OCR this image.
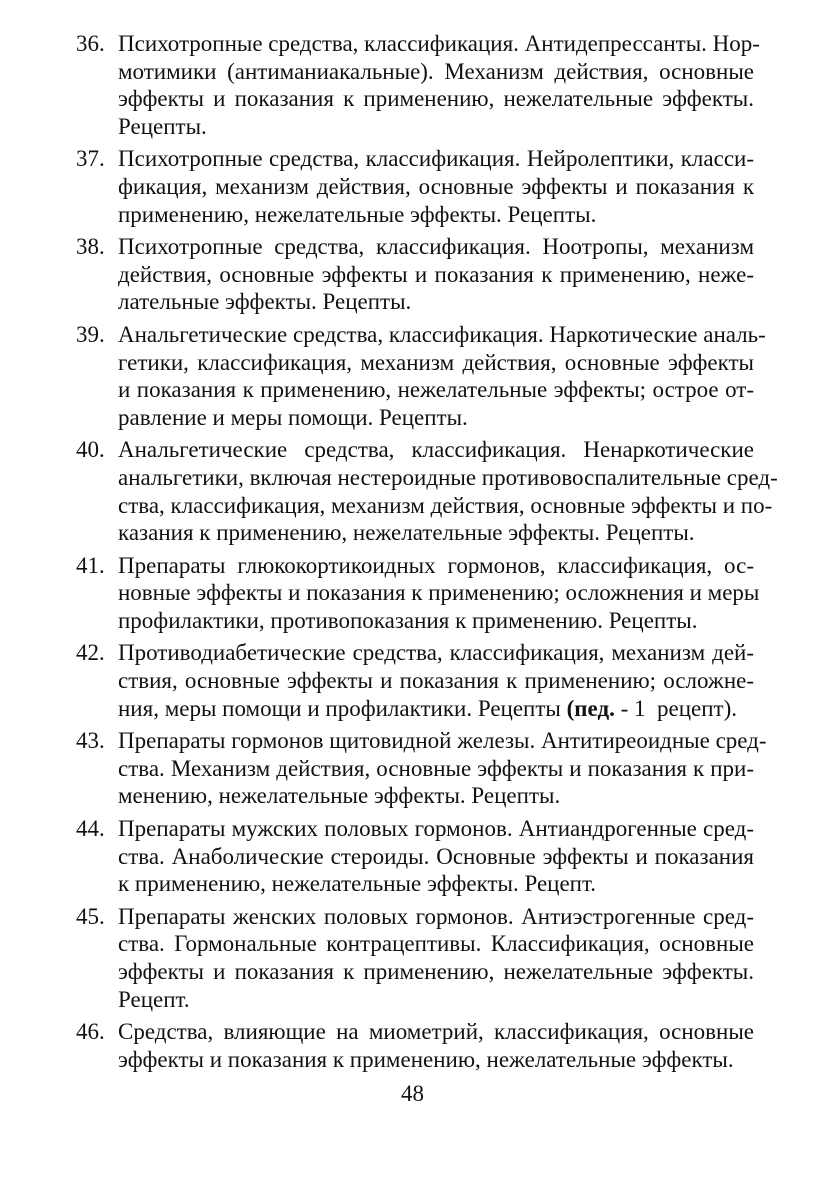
36. Психотропные средства, классификация. Антидепрессанты. Нор-
мотимики (антиманиакальные). Механизм действия, основные
эффекты и показания к применению, нежелательные эффекты.
Рецепты.
37. Психотропные средства, классификация. Нейролептики, класси-
фикация, механизм действия, основные эффекты и показания к
применению, нежелательные эффекты. Рецепты.
38. Психотропные средства, классификация. Ноотропы, механизм
действия, основные эффекты и показания к применению, неже-
лательные эффекты. Рецепты.
39. Анальгетические средства, классификация. Наркотические аналь-
гетики, классификация, механизм действия, основные эффекты
и показания к применению, нежелательные эффекты; острое от-
равление и меры помощи. Рецепты.
40. Анальгетические средства, классификация. Ненаркотические
анальгетики, включая нестероидные противовоспалительные сред-
ства, классификация, механизм действия, основные эффекты и по-
казания к применению, нежелательные эффекты. Рецепты.
41. Препараты глюкокортикоидных гормонов, классификация, ос-
новные эффекты и показания к применению; осложнения и меры
профилактики, противопоказания к применению. Рецепты.
42. Противодиабетические средства, классификация, механизм дей-
ствия, основные эффекты и показания к применению; осложне-
ния, меры помощи и профилактики. Рецепты (пед. - 1  рецепт).
43. Препараты гормонов щитовидной железы. Антитиреоидные сред-
ства. Механизм действия, основные эффекты и показания к при-
менению, нежелательные эффекты. Рецепты.
44. Препараты мужских половых гормонов. Антиандрогенные сред-
ства. Анаболические стероиды. Основные эффекты и показания
к применению, нежелательные эффекты. Рецепт.
45. Препараты женских половых гормонов. Антиэстрогенные сред-
ства. Гормональные контрацептивы. Классификация, основные
эффекты и показания к применению, нежелательные эффекты.
Рецепт.
46. Средства, влияющие на миометрий, классификация, основные
эффекты и показания к применению, нежелательные эффекты.
48
